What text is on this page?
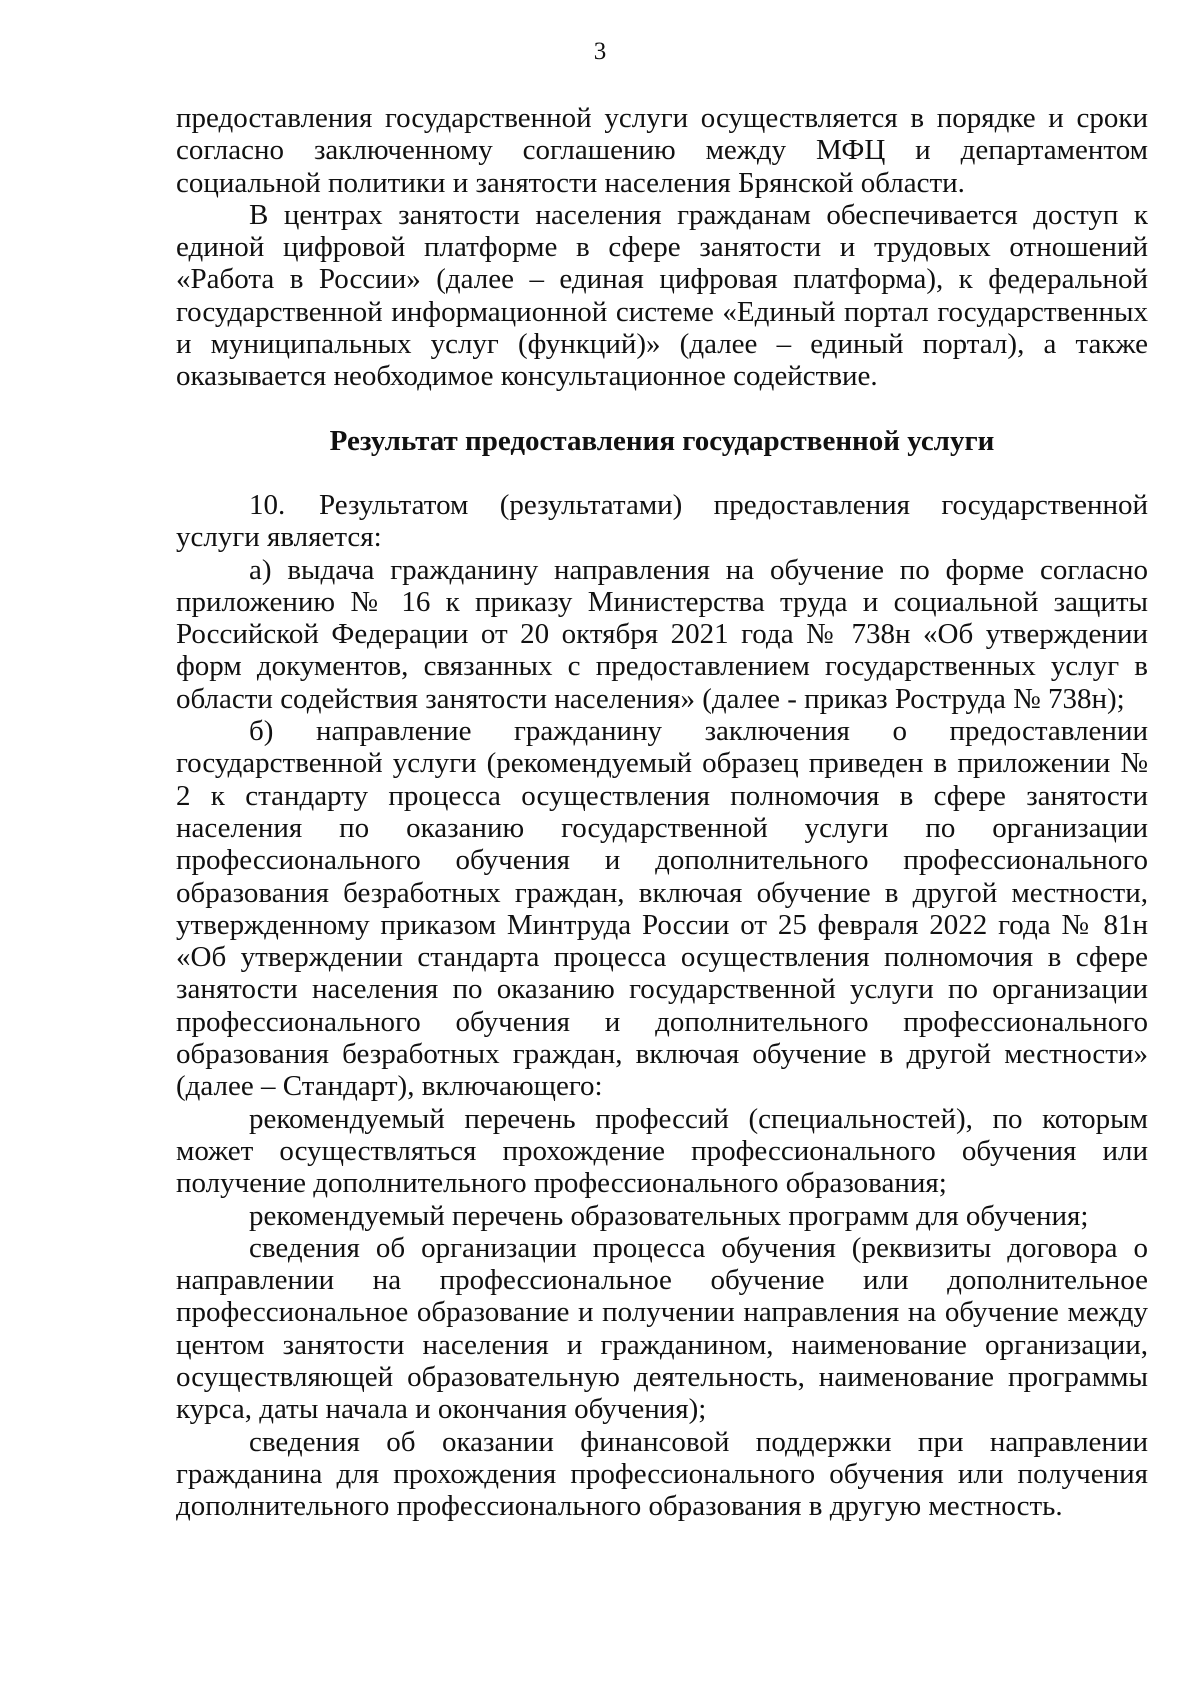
3

предоставления государственной услуги осуществляется в порядке и сроки согласно заключенному соглашению между МФЦ и департаментом социальной политики и занятости населения Брянской области.

В центрах занятости населения гражданам обеспечивается доступ к единой цифровой платформе в сфере занятости и трудовых отношений «Работа в России» (далее – единая цифровая платформа), к федеральной государственной информационной системе «Единый портал государственных и муниципальных услуг (функций)» (далее – единый портал), а также оказывается необходимое консультационное содействие.

Результат предоставления государственной услуги

10. Результатом (результатами) предоставления государственной услуги является:

а) выдача гражданину направления на обучение по форме согласно приложению № 16 к приказу Министерства труда и социальной защиты Российской Федерации от 20 октября 2021 года № 738н «Об утверждении форм документов, связанных с предоставлением государственных услуг в области содействия занятости населения» (далее - приказ Роструда № 738н);

б) направление гражданину заключения о предоставлении государственной услуги (рекомендуемый образец приведен в приложении № 2 к стандарту процесса осуществления полномочия в сфере занятости населения по оказанию государственной услуги по организации профессионального обучения и дополнительного профессионального образования безработных граждан, включая обучение в другой местности, утвержденному приказом Минтруда России от 25 февраля 2022 года № 81н «Об утверждении стандарта процесса осуществления полномочия в сфере занятости населения по оказанию государственной услуги по организации профессионального обучения и дополнительного профессионального образования безработных граждан, включая обучение в другой местности» (далее – Стандарт), включающего:

рекомендуемый перечень профессий (специальностей), по которым может осуществляться прохождение профессионального обучения или получение дополнительного профессионального образования;

рекомендуемый перечень образовательных программ для обучения;

сведения об организации процесса обучения (реквизиты договора о направлении на профессиональное обучение или дополнительное профессиональное образование и получении направления на обучение между центом занятости населения и гражданином, наименование организации, осуществляющей образовательную деятельность, наименование программы курса, даты начала и окончания обучения);

сведения об оказании финансовой поддержки при направлении гражданина для прохождения профессионального обучения или получения дополнительного профессионального образования в другую местность.
